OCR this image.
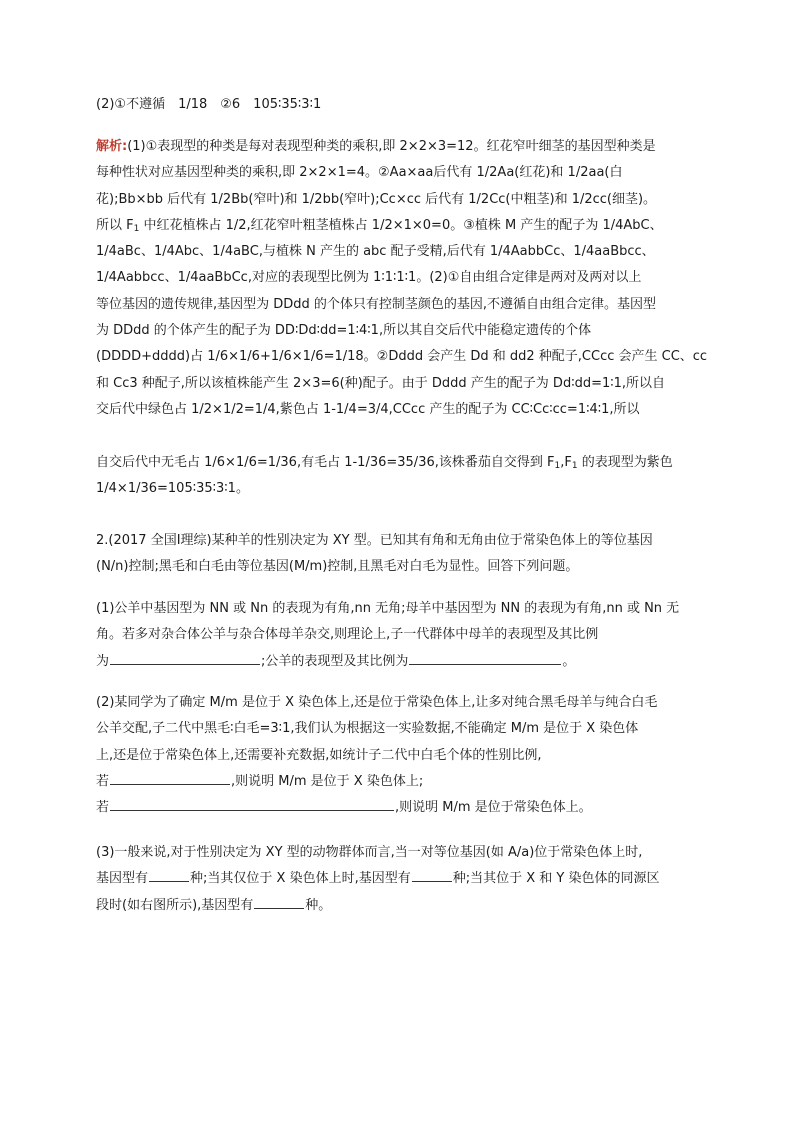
(2)①不遵循　1/18　②6　105∶35∶3∶1

解析:(1)①表现型的种类是每对表现型种类的乘积,即 2×2×3=12。红花窄叶细茎的基因型种类是
每种性状对应基因型种类的乘积,即 2×2×1=4。②Aa×aa后代有 1/2Aa(红花)和 1/2aa(白
花);Bb×bb 后代有 1/2Bb(窄叶)和 1/2bb(窄叶);Cc×cc 后代有 1/2Cc(中粗茎)和 1/2cc(细茎)。
所以 $F_1$ 中红花植株占 1/2,红花窄叶粗茎植株占 1/2×1×0=0。③植株 M 产生的配子为 1/4AbC、
1/4aBc、1/4Abc、1/4aBC,与植株 N 产生的 abc 配子受精,后代有 1/4AabbCc、1/4aaBbcc、
1/4Aabbcc、1/4aaBbCc,对应的表现型比例为 1∶1∶1∶1。(2)①自由组合定律是两对及两对以上
等位基因的遗传规律,基因型为 DDdd 的个体只有控制茎颜色的基因,不遵循自由组合定律。基因型
为 DDdd 的个体产生的配子为 DD∶Dd∶dd=1∶4∶1,所以其自交后代中能稳定遗传的个体
(DDDD+dddd)占 1/6×1/6+1/6×1/6=1/18。②Dddd 会产生 Dd 和 dd2 种配子,CCcc 会产生 CC、cc
和 Cc3 种配子,所以该植株能产生 2×3=6(种)配子。由于 Dddd 产生的配子为 Dd∶dd=1∶1,所以自
交后代中绿色占 1/2×1/2=1/4,紫色占 1-1/4=3/4,CCcc 产生的配子为 CC∶Cc∶cc=1∶4∶1,所以
自交后代中无毛占 1/6×1/6=1/36,有毛占 1-1/36=35/36,该株番茄自交得到 $F_1,F_1$ 的表现型为紫色
1/4×1/36=105∶35∶3∶1。
2.(2017 全国Ⅰ理综)某种羊的性别决定为 XY 型。已知其有角和无角由位于常染色体上的等位基因
(N/n)控制;黑毛和白毛由等位基因(M/m)控制,且黑毛对白毛为显性。回答下列问题。
(1)公羊中基因型为 NN 或 Nn 的表现为有角,nn 无角;母羊中基因型为 NN 的表现为有角,nn 或 Nn 无
角。若多对杂合体公羊与杂合体母羊杂交,则理论上,子一代群体中母羊的表现型及其比例
为	;公羊的表现型及其比例为	。
(2)某同学为了确定 M/m 是位于 X 染色体上,还是位于常染色体上,让多对纯合黑毛母羊与纯合白毛
公羊交配,子二代中黑毛∶白毛=3∶1,我们认为根据这一实验数据,不能确定 M/m 是位于 X 染色体
上,还是位于常染色体上,还需要补充数据,如统计子二代中白毛个体的性别比例,
若	,则说明 M/m 是位于 X 染色体上;
若	,则说明 M/m 是位于常染色体上。
(3)一般来说,对于性别决定为 XY 型的动物群体而言,当一对等位基因(如 A/a)位于常染色体上时,
基因型有	种;当其仅位于 X 染色体上时,基因型有	种;当其位于 X 和 Y 染色体的同源区
段时(如右图所示),基因型有	种。
